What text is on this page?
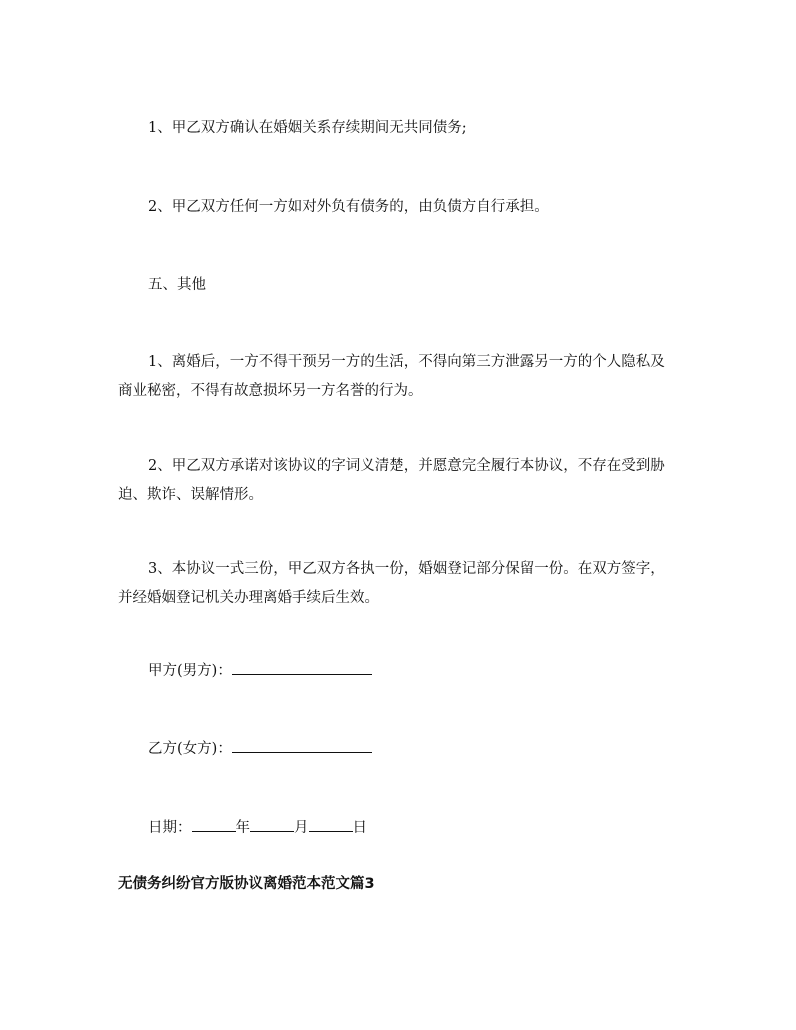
1、甲乙双方确认在婚姻关系存续期间无共同债务;
2、甲乙双方任何一方如对外负有债务的，由负债方自行承担。
五、其他
1、离婚后，一方不得干预另一方的生活，不得向第三方泄露另一方的个人隐私及商业秘密，不得有故意损坏另一方名誉的行为。
2、甲乙双方承诺对该协议的字词义清楚，并愿意完全履行本协议，不存在受到胁迫、欺诈、误解情形。
3、本协议一式三份，甲乙双方各执一份，婚姻登记部分保留一份。在双方签字，并经婚姻登记机关办理离婚手续后生效。
甲方(男方)：
乙方(女方)：
日期：	年	月	日
无债务纠纷官方版协议离婚范本范文篇3
